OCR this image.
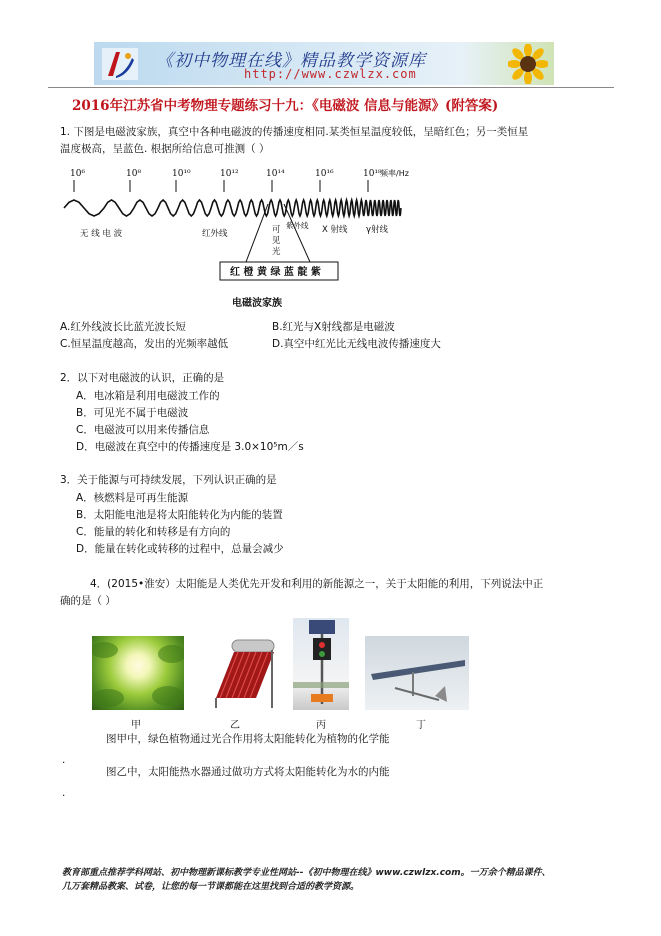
《初中物理在线》精品教学资源库
http://www.czwlzx.com
2016年江苏省中考物理专题练习十九：《电磁波 信息与能源》(附答案)
1. 下图是电磁波家族，真空中各种电磁波的传播速度相同.某类恒星温度较低，呈暗红色；另一类恒星
温度极高，呈蓝色. 根据所给信息可推测（ ）
10⁶	10⁸	10¹⁰	10¹²	10¹⁴	10¹⁶	10¹⁸
频率/Hz
无 线 电 波	红外线
紫外线 X 射线 γ射线
可见光
红 橙 黄 绿 蓝 靛 紫
电磁波家族
A.红外线波长比蓝光波长短	B.红光与X射线都是电磁波
C.恒星温度越高，发出的光频率越低	D.真空中红光比无线电波传播速度大
2．以下对电磁波的认识，正确的是
A．电冰箱是利用电磁波工作的
B．可见光不属于电磁波
C．电磁波可以用来传播信息
D．电磁波在真空中的传播速度是 3.0×10⁵m／s
3．关于能源与可持续发展，下列认识正确的是
A．核燃料是可再生能源
B．太阳能电池是将太阳能转化为内能的装置
C．能量的转化和转移是有方向的
D．能量在转化或转移的过程中，总量会减少
4．(2015•淮安）太阳能是人类优先开发和利用的新能源之一，关于太阳能的利用，下列说法中正
确的是（ ）
甲	乙	丙	丁
图甲中，绿色植物通过光合作用将太阳能转化为植物的化学能
.
图乙中，太阳能热水器通过做功方式将太阳能转化为水的内能
.
教育部重点推荐学科网站、初中物理新课标教学专业性网站--《初中物理在线》www.czwlzx.com。一万余个精品课件、
几万套精品教案、试卷，让您的每一节课都能在这里找到合适的教学资源。
